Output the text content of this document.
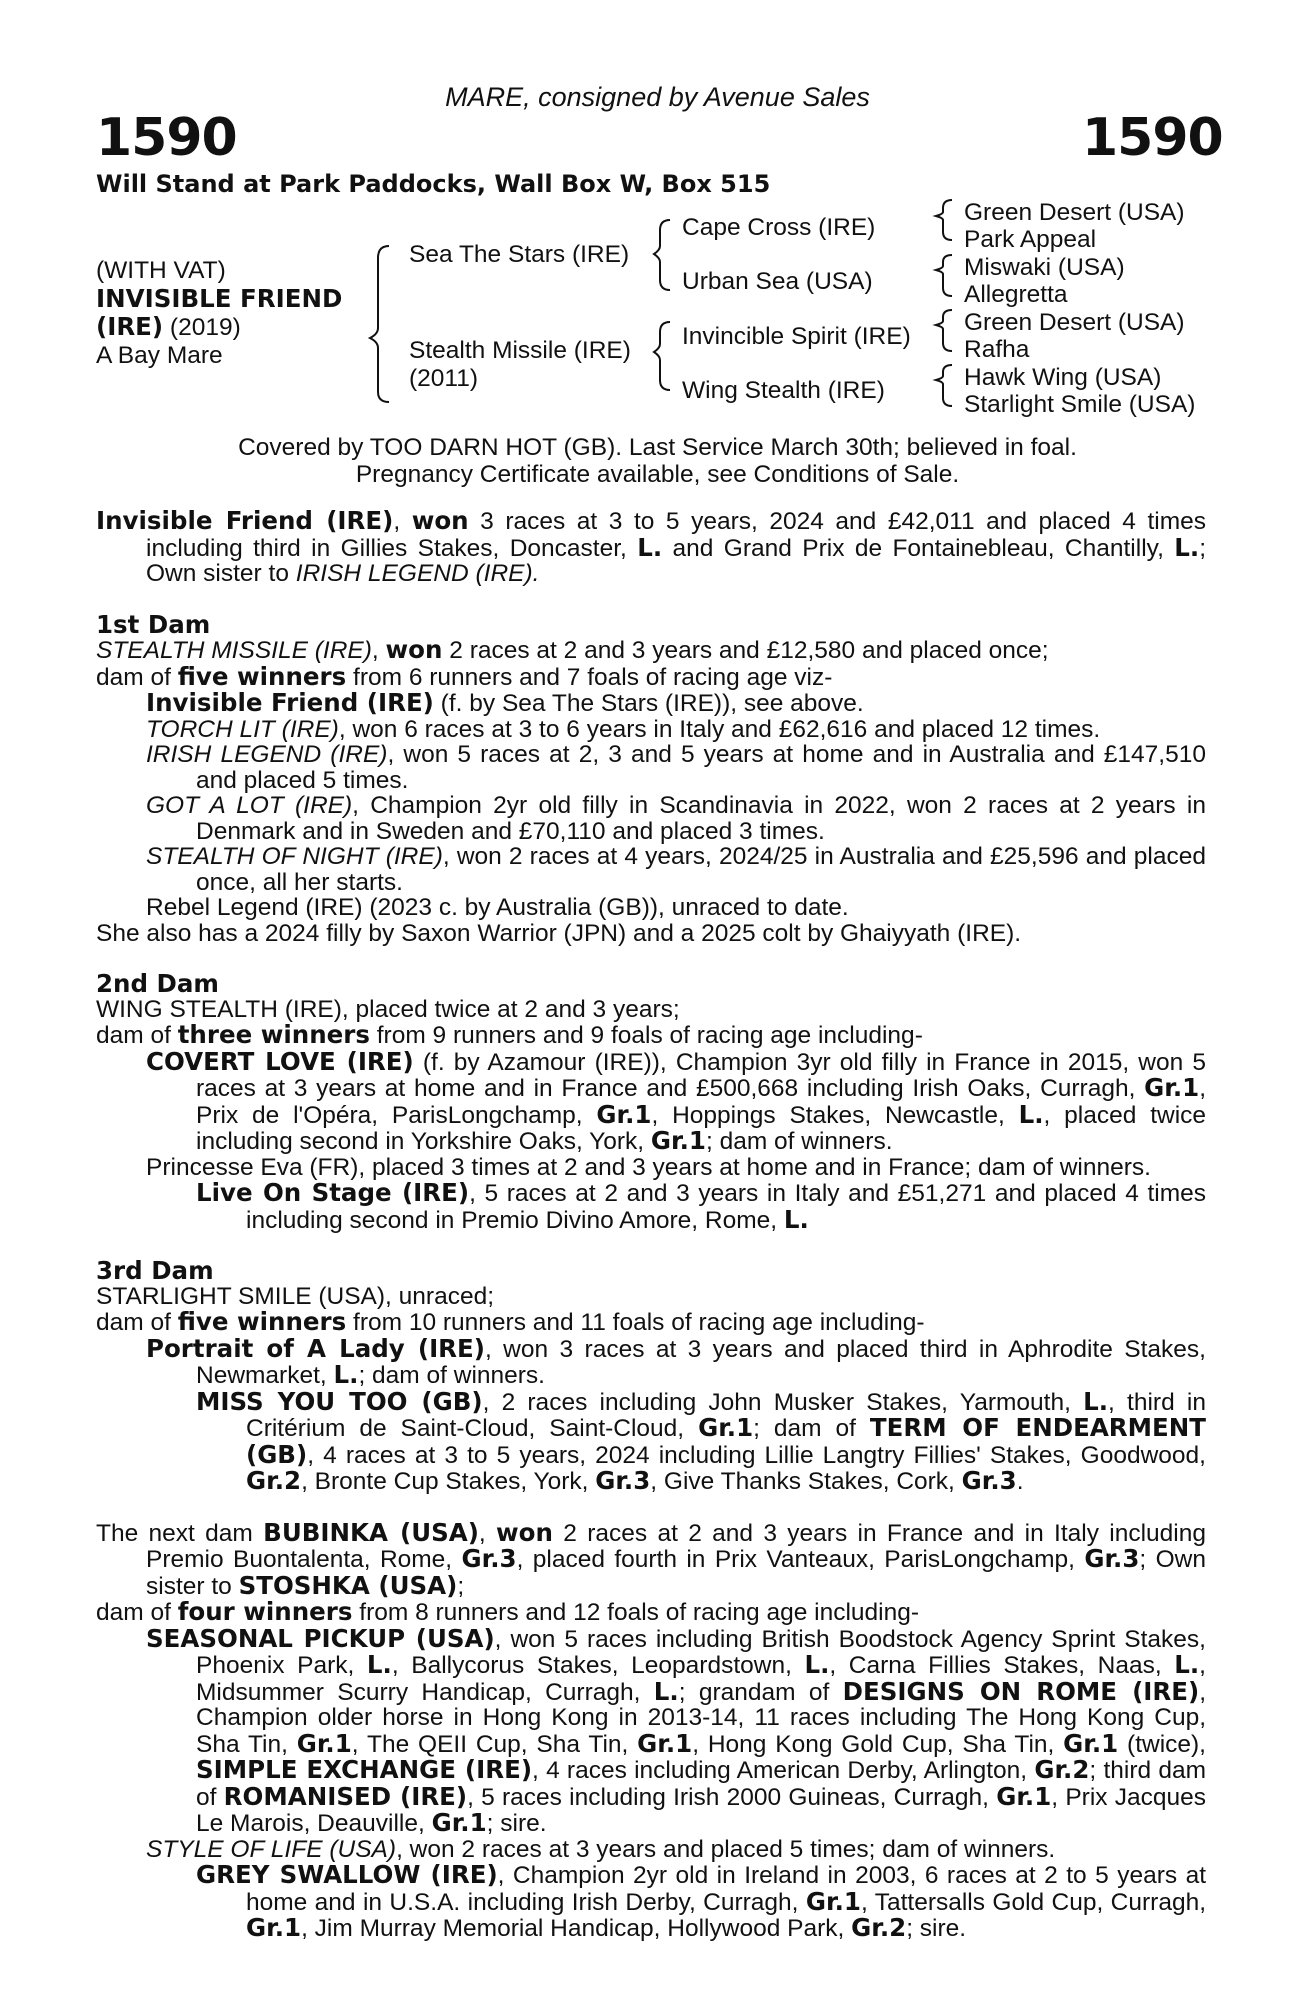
MARE, consigned by Avenue Sales
1590	1590
Will Stand at Park Paddocks, Wall Box W, Box 515
(WITH VAT)
INVISIBLE FRIEND
(IRE) (2019)
A Bay Mare
Sea The Stars (IRE)
Stealth Missile (IRE)
(2011)
Cape Cross (IRE)
Urban Sea (USA)
Invincible Spirit (IRE)
Wing Stealth (IRE)
Green Desert (USA)
Park Appeal
Miswaki (USA)
Allegretta
Green Desert (USA)
Rafha
Hawk Wing (USA)
Starlight Smile (USA)
Covered by TOO DARN HOT (GB). Last Service March 30th; believed in foal.
Pregnancy Certificate available, see Conditions of Sale.

Invisible Friend (IRE), won 3 races at 3 to 5 years, 2024 and £42,011 and placed 4 times including third in Gillies Stakes, Doncaster, L. and Grand Prix de Fontainebleau, Chantilly, L.; Own sister to IRISH LEGEND (IRE).

1st Dam

STEALTH MISSILE (IRE), won 2 races at 2 and 3 years and £12,580 and placed once;

dam of five winners from 6 runners and 7 foals of racing age viz-

Invisible Friend (IRE) (f. by Sea The Stars (IRE)), see above.

TORCH LIT (IRE), won 6 races at 3 to 6 years in Italy and £62,616 and placed 12 times.

IRISH LEGEND (IRE), won 5 races at 2, 3 and 5 years at home and in Australia and £147,510 and placed 5 times.

GOT A LOT (IRE), Champion 2yr old filly in Scandinavia in 2022, won 2 races at 2 years in Denmark and in Sweden and £70,110 and placed 3 times.

STEALTH OF NIGHT (IRE), won 2 races at 4 years, 2024/25 in Australia and £25,596 and placed once, all her starts.

Rebel Legend (IRE) (2023 c. by Australia (GB)), unraced to date.

She also has a 2024 filly by Saxon Warrior (JPN) and a 2025 colt by Ghaiyyath (IRE).

2nd Dam

WING STEALTH (IRE), placed twice at 2 and 3 years;

dam of three winners from 9 runners and 9 foals of racing age including-

COVERT LOVE (IRE) (f. by Azamour (IRE)), Champion 3yr old filly in France in 2015, won 5 races at 3 years at home and in France and £500,668 including Irish Oaks, Curragh, Gr.1, Prix de l'Opéra, ParisLongchamp, Gr.1, Hoppings Stakes, Newcastle, L., placed twice including second in Yorkshire Oaks, York, Gr.1; dam of winners.

Princesse Eva (FR), placed 3 times at 2 and 3 years at home and in France; dam of winners.

Live On Stage (IRE), 5 races at 2 and 3 years in Italy and £51,271 and placed 4 times including second in Premio Divino Amore, Rome, L.

3rd Dam

STARLIGHT SMILE (USA), unraced;

dam of five winners from 10 runners and 11 foals of racing age including-

Portrait of A Lady (IRE), won 3 races at 3 years and placed third in Aphrodite Stakes, Newmarket, L.; dam of winners.

MISS YOU TOO (GB), 2 races including John Musker Stakes, Yarmouth, L., third in Critérium de Saint-Cloud, Saint-Cloud, Gr.1; dam of TERM OF ENDEARMENT (GB), 4 races at 3 to 5 years, 2024 including Lillie Langtry Fillies' Stakes, Goodwood, Gr.2, Bronte Cup Stakes, York, Gr.3, Give Thanks Stakes, Cork, Gr.3.

The next dam BUBINKA (USA), won 2 races at 2 and 3 years in France and in Italy including Premio Buontalenta, Rome, Gr.3, placed fourth in Prix Vanteaux, ParisLongchamp, Gr.3; Own sister to STOSHKA (USA);

dam of four winners from 8 runners and 12 foals of racing age including-

SEASONAL PICKUP (USA), won 5 races including British Boodstock Agency Sprint Stakes, Phoenix Park, L., Ballycorus Stakes, Leopardstown, L., Carna Fillies Stakes, Naas, L., Midsummer Scurry Handicap, Curragh, L.; grandam of DESIGNS ON ROME (IRE), Champion older horse in Hong Kong in 2013-14, 11 races including The Hong Kong Cup, Sha Tin, Gr.1, The QEII Cup, Sha Tin, Gr.1, Hong Kong Gold Cup, Sha Tin, Gr.1 (twice), SIMPLE EXCHANGE (IRE), 4 races including American Derby, Arlington, Gr.2; third dam of ROMANISED (IRE), 5 races including Irish 2000 Guineas, Curragh, Gr.1, Prix Jacques Le Marois, Deauville, Gr.1; sire.

STYLE OF LIFE (USA), won 2 races at 3 years and placed 5 times; dam of winners.

GREY SWALLOW (IRE), Champion 2yr old in Ireland in 2003, 6 races at 2 to 5 years at home and in U.S.A. including Irish Derby, Curragh, Gr.1, Tattersalls Gold Cup, Curragh, Gr.1, Jim Murray Memorial Handicap, Hollywood Park, Gr.2; sire.
